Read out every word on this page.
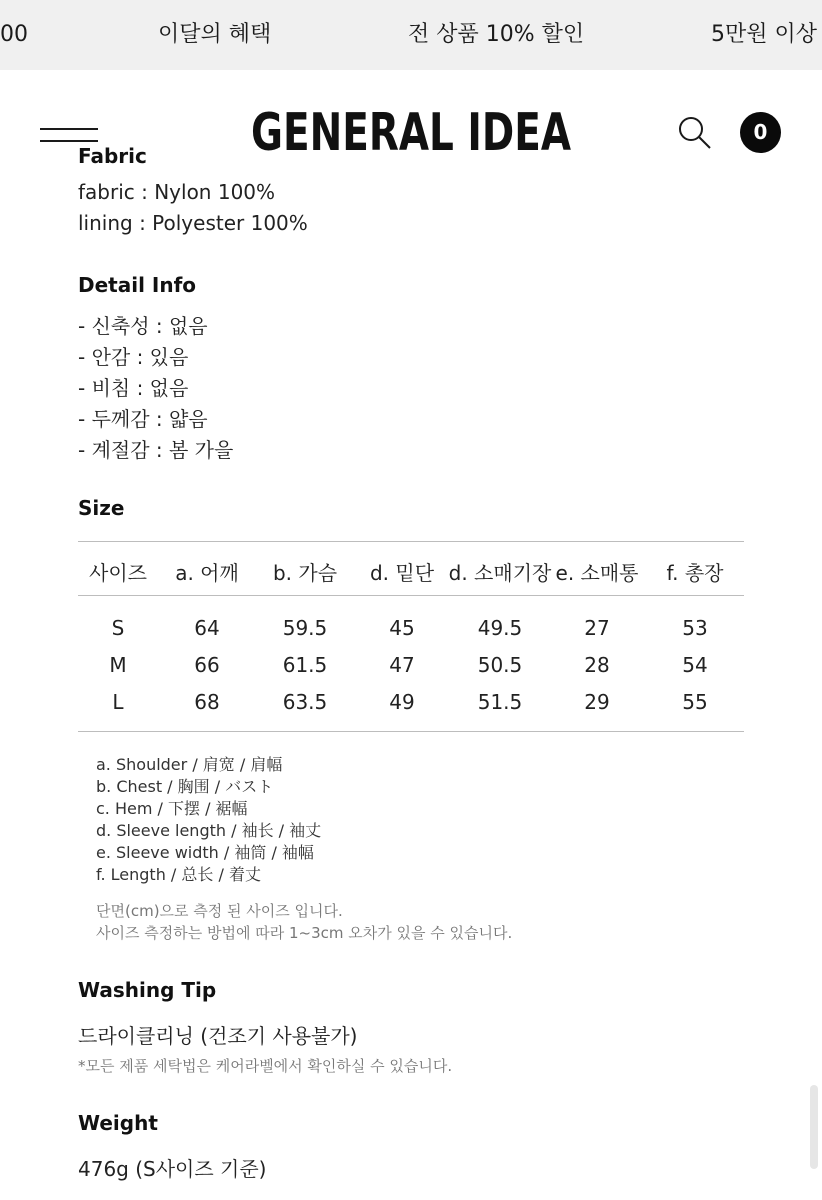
00	이달의 혜택	전 상품 10% 할인	5만원 이상
GENERAL IDEA	0
Fabric
fabric : Nylon 100%
lining : Polyester 100%
Detail Info
- 신축성 : 없음
- 안감 : 있음
- 비침 : 없음
- 두께감 : 얇음
- 계절감 : 봄 가을
Size
사이즈 a. 어깨 b. 가슴 d. 밑단 d. 소매기장 e. 소매통 f. 총장
S	64	59.5	45	49.5	27	53
M	66	61.5	47	50.5	28	54
L	68	63.5	49	51.5	29	55
a. Shoulder / 肩宽 / 肩幅
b. Chest / 胸围 / バスト
c. Hem / 下摆 / 裾幅
d. Sleeve length / 袖长 / 袖丈
e. Sleeve width / 袖筒 / 袖幅
f. Length / 总长 / 着丈
단면(cm)으로 측정 된 사이즈 입니다.
사이즈 측정하는 방법에 따라 1~3cm 오차가 있을 수 있습니다.
Washing Tip
드라이클리닝 (건조기 사용불가)
*모든 제품 세탁법은 케어라벨에서 확인하실 수 있습니다.
Weight
476g (S사이즈 기준)
